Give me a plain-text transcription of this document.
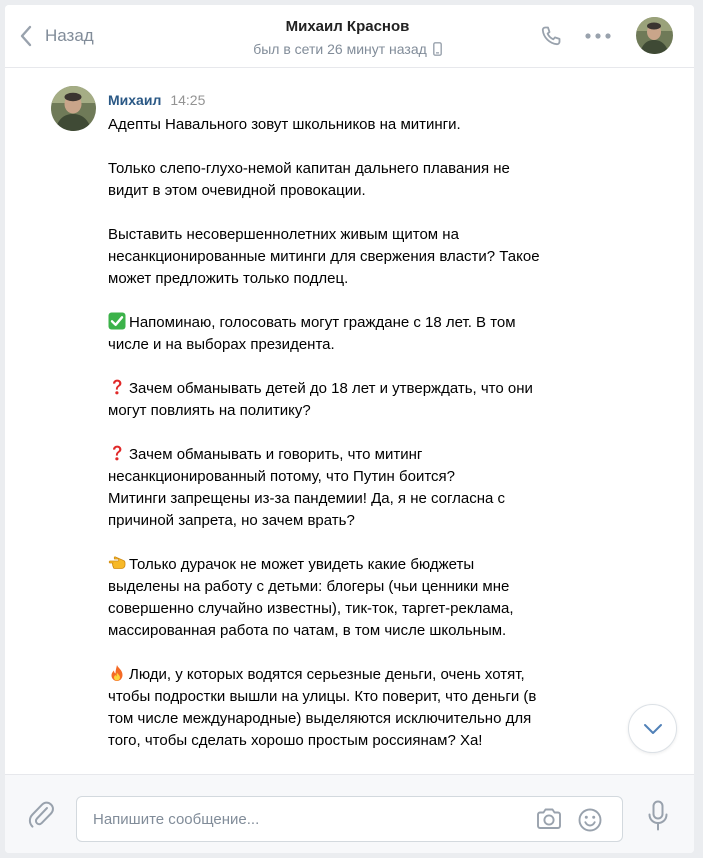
Назад	Михаил Краснов
был в сети 26 минут назад
Михаил 14:25
Адепты Навального зовут школьников на митинги.
Только слепо-глухо-немой капитан дальнего плавания не
видит в этом очевидной провокации.
Выставить несовершеннолетних живым щитом на
несанкционированные митинги для свержения власти? Такое
может предложить только подлец.
Напоминаю, голосовать могут граждане с 18 лет. В том
числе и на выборах президента.
Зачем обманывать детей до 18 лет и утверждать, что они
могут повлиять на политику?
Зачем обманывать и говорить, что митинг
несанкционированный потому, что Путин боится?
Митинги запрещены из-за пандемии! Да, я не согласна с
причиной запрета, но зачем врать?
Только дурачок не может увидеть какие бюджеты
выделены на работу с детьми: блогеры (чьи ценники мне
совершенно случайно известны), тик-ток, таргет-реклама,
массированная работа по чатам, в том числе школьным.
Люди, у которых водятся серьезные деньги, очень хотят,
чтобы подростки вышли на улицы. Кто поверит, что деньги (в
том числе международные) выделяются исключительно для
того, чтобы сделать хорошо простым россиянам? Ха!
Напишите сообщение...
